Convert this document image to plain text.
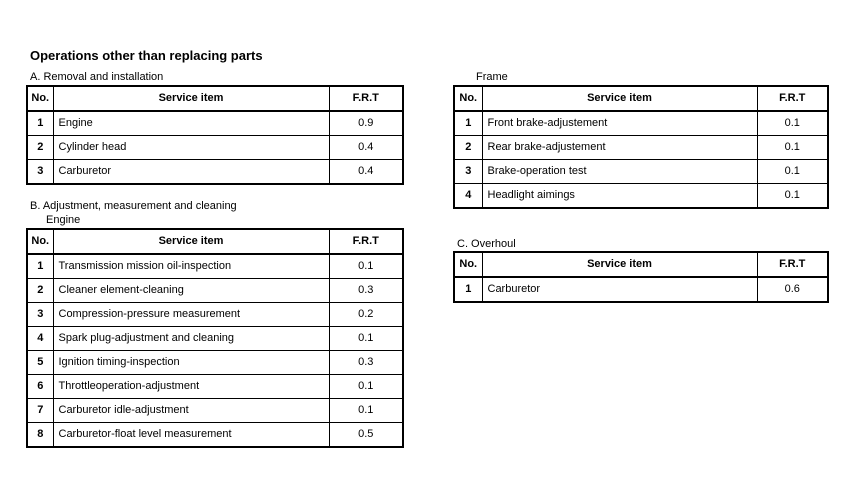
Operations other than replacing parts
A. Removal and installation
No.	Service item	F.R.T
1	Engine	0.9
2	Cylinder head	0.4
3	Carburetor	0.4
B. Adjustment, measurement and cleaning
Engine
No.	Service item	F.R.T
1	Transmission mission oil-inspection	0.1
2	Cleaner element-cleaning	0.3
3	Compression-pressure measurement	0.2
4	Spark plug-adjustment and cleaning	0.1
5	Ignition timing-inspection	0.3
6	Throttleoperation-adjustment	0.1
7	Carburetor idle-adjustment	0.1
8	Carburetor-float level measurement	0.5
Frame
No.	Service item	F.R.T
1	Front brake-adjustement	0.1
2	Rear brake-adjustement	0.1
3	Brake-operation test	0.1
4	Headlight aimings	0.1
C. Overhoul
No.	Service item	F.R.T
1	Carburetor	0.6
